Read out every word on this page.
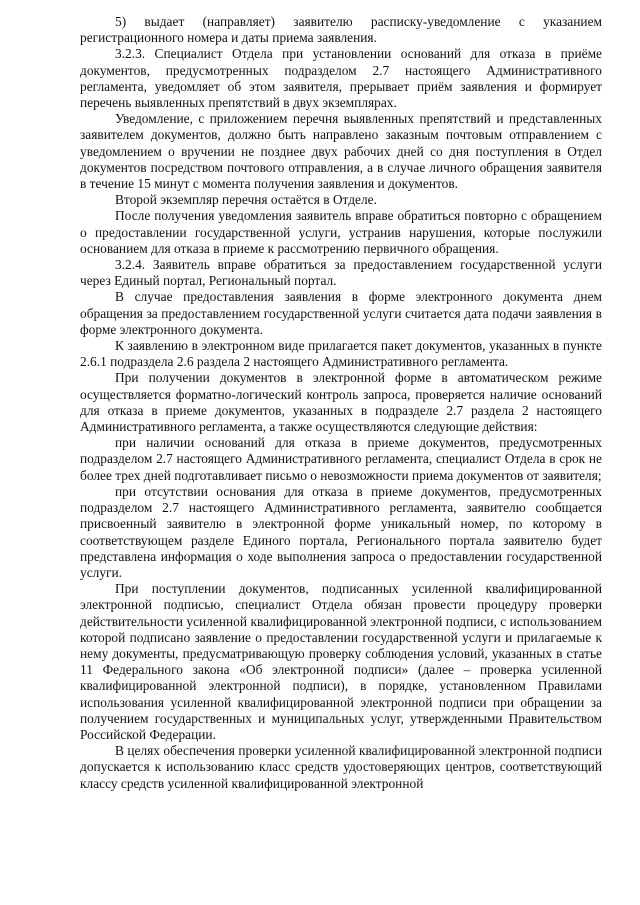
5) выдает (направляет) заявителю расписку-уведомление с указанием регистрационного номера и даты приема заявления.

3.2.3. Специалист Отдела при установлении оснований для отказа в приёме документов, предусмотренных подразделом 2.7 настоящего Административного регламента, уведомляет об этом заявителя, прерывает приём заявления и формирует перечень выявленных препятствий в двух экземплярах.

Уведомление, с приложением перечня выявленных препятствий и представленных заявителем документов, должно быть направлено заказным почтовым отправлением с уведомлением о вручении не позднее двух рабочих дней со дня поступления в Отдел документов посредством почтового отправления, а в случае личного обращения заявителя в течение 15 минут с момента получения заявления и документов.

Второй экземпляр перечня остаётся в Отделе.

После получения уведомления заявитель вправе обратиться повторно с обращением о предоставлении государственной услуги, устранив нарушения, которые послужили основанием для отказа в приеме к рассмотрению первичного обращения.

3.2.4. Заявитель вправе обратиться за предоставлением государственной услуги через Единый портал, Региональный портал.

В случае предоставления заявления в форме электронного документа днем обращения за предоставлением государственной услуги считается дата подачи заявления в форме электронного документа.

К заявлению в электронном виде прилагается пакет документов, указанных в пункте 2.6.1 подраздела 2.6 раздела 2 настоящего Административного регламента.

При получении документов в электронной форме в автоматическом режиме осуществляется форматно-логический контроль запроса, проверяется наличие оснований для отказа в приеме документов, указанных в подразделе 2.7 раздела 2 настоящего Административного регламента, а также осуществляются следующие действия:

при наличии оснований для отказа в приеме документов, предусмотренных подразделом 2.7 настоящего Административного регламента, специалист Отдела в срок не более трех дней подготавливает письмо о невозможности приема документов от заявителя;

при отсутствии основания для отказа в приеме документов, предусмотренных подразделом 2.7 настоящего Административного регламента, заявителю сообщается присвоенный заявителю в электронной форме уникальный номер, по которому в соответствующем разделе Единого портала, Регионального портала заявителю будет представлена информация о ходе выполнения запроса о предоставлении государственной услуги.

При поступлении документов, подписанных усиленной квалифицированной электронной подписью, специалист Отдела обязан провести процедуру проверки действительности усиленной квалифицированной электронной подписи, с использованием которой подписано заявление о предоставлении государственной услуги и прилагаемые к нему документы, предусматривающую проверку соблюдения условий, указанных в статье 11 Федерального закона «Об электронной подписи» (далее – проверка усиленной квалифицированной электронной подписи), в порядке, установленном Правилами использования усиленной квалифицированной электронной подписи при обращении за получением государственных и муниципальных услуг, утвержденными Правительством Российской Федерации.

В целях обеспечения проверки усиленной квалифицированной электронной подписи допускается к использованию класс средств удостоверяющих центров, соответствующий классу средств усиленной квалифицированной электронной
